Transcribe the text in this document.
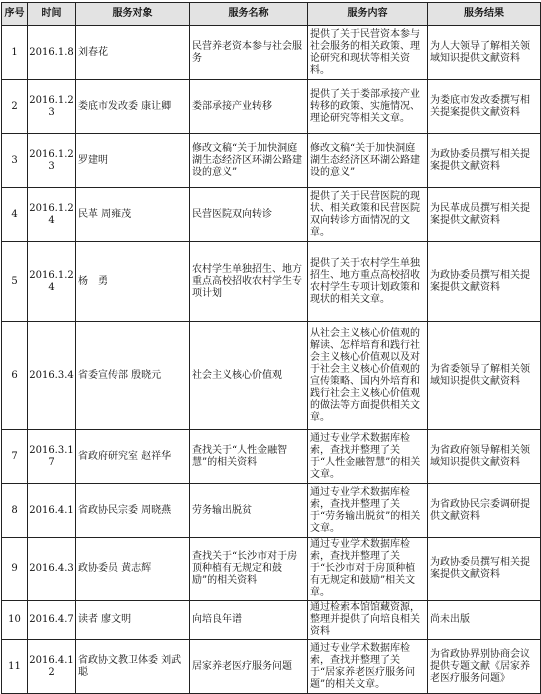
序号	时间	服务对象	服务名称	服务内容	服务结果
1	2016.1.8	刘春花	民营养老资本参与社会服务	提供了关于民营资本参与社会服务的相关政策、理论研究和现状等相关资料。	为人大领导了解相关领域知识提供文献资料
2	2016.1.23	娄底市发改委 康让卿	娄部承接产业转移	提供了关于娄部承接产业转移的政策、实施情况、理论研究等相关文章。	为娄底市发改委撰写相关提案提供文献资料
3	2016.1.23	罗建明	修改文稿“关于加快洞庭湖生态经济区环湖公路建设的意义”	修改文稿“关于加快洞庭湖生态经济区环湖公路建设的意义”	为政协委员撰写相关提案提供文献资料
4	2016.1.24	民革 周雍茂	民营医院双向转诊	提供了关于民营医院的现状、相关政策和民营医院双向转诊方面情况的文章。	为民革成员撰写相关提案提供文献资料
5	2016.1.24	杨　勇	农村学生单独招生、地方重点高校招收农村学生专项计划	提供了关于农村学生单独招生、地方重点高校招收农村学生专项计划政策和现状的相关文章。	为政协委员撰写相关提案提供文献资料
6	2016.3.4	省委宣传部 殷晓元	社会主义核心价值观	从社会主义核心价值观的解读、怎样培育和践行社会主义核心价值观以及对于社会主义核心价值观的宣传策略、国内外培育和践行社会主义核心价值观的做法等方面提供相关文章。	为省委领导了解相关领域知识提供文献资料
7	2016.3.17	省政府研究室 赵祥华	查找关于“人性金融智慧”的相关资料	通过专业学术数据库检索，查找并整理了关于“人性金融智慧”的相关文章。	为省政府领导解相关领域知识提供文献资料
8	2016.4.1	省政协民宗委 周晓燕	劳务输出脱贫	通过专业学术数据库检索，查找并整理了关于“劳务输出脱贫”的相关文章。	为省政协民宗委调研提供文献资料
9	2016.4.3	政协委员 黄志辉	查找关于“长沙市对于房顶种植有无规定和鼓励”的相关资料	通过专业学术数据库检索，查找并整理了关于“长沙市对于房顶种植有无规定和鼓励”相关文章。	为政协委员撰写相关提案提供文献资料
10	2016.4.7	读者 廖文明	向培良年谱	通过检索本馆馆藏资源，整理并提供了向培良相关资料	尚未出版
11	2016.4.12	省政协文教卫体委 刘武聪	居家养老医疗服务问题	通过专业学术数据库检索，查找并整理了关于“居家养老医疗服务问题”的相关文章。	为省政协界别协商会议提供专题文献《居家养老医疗服务问题》
